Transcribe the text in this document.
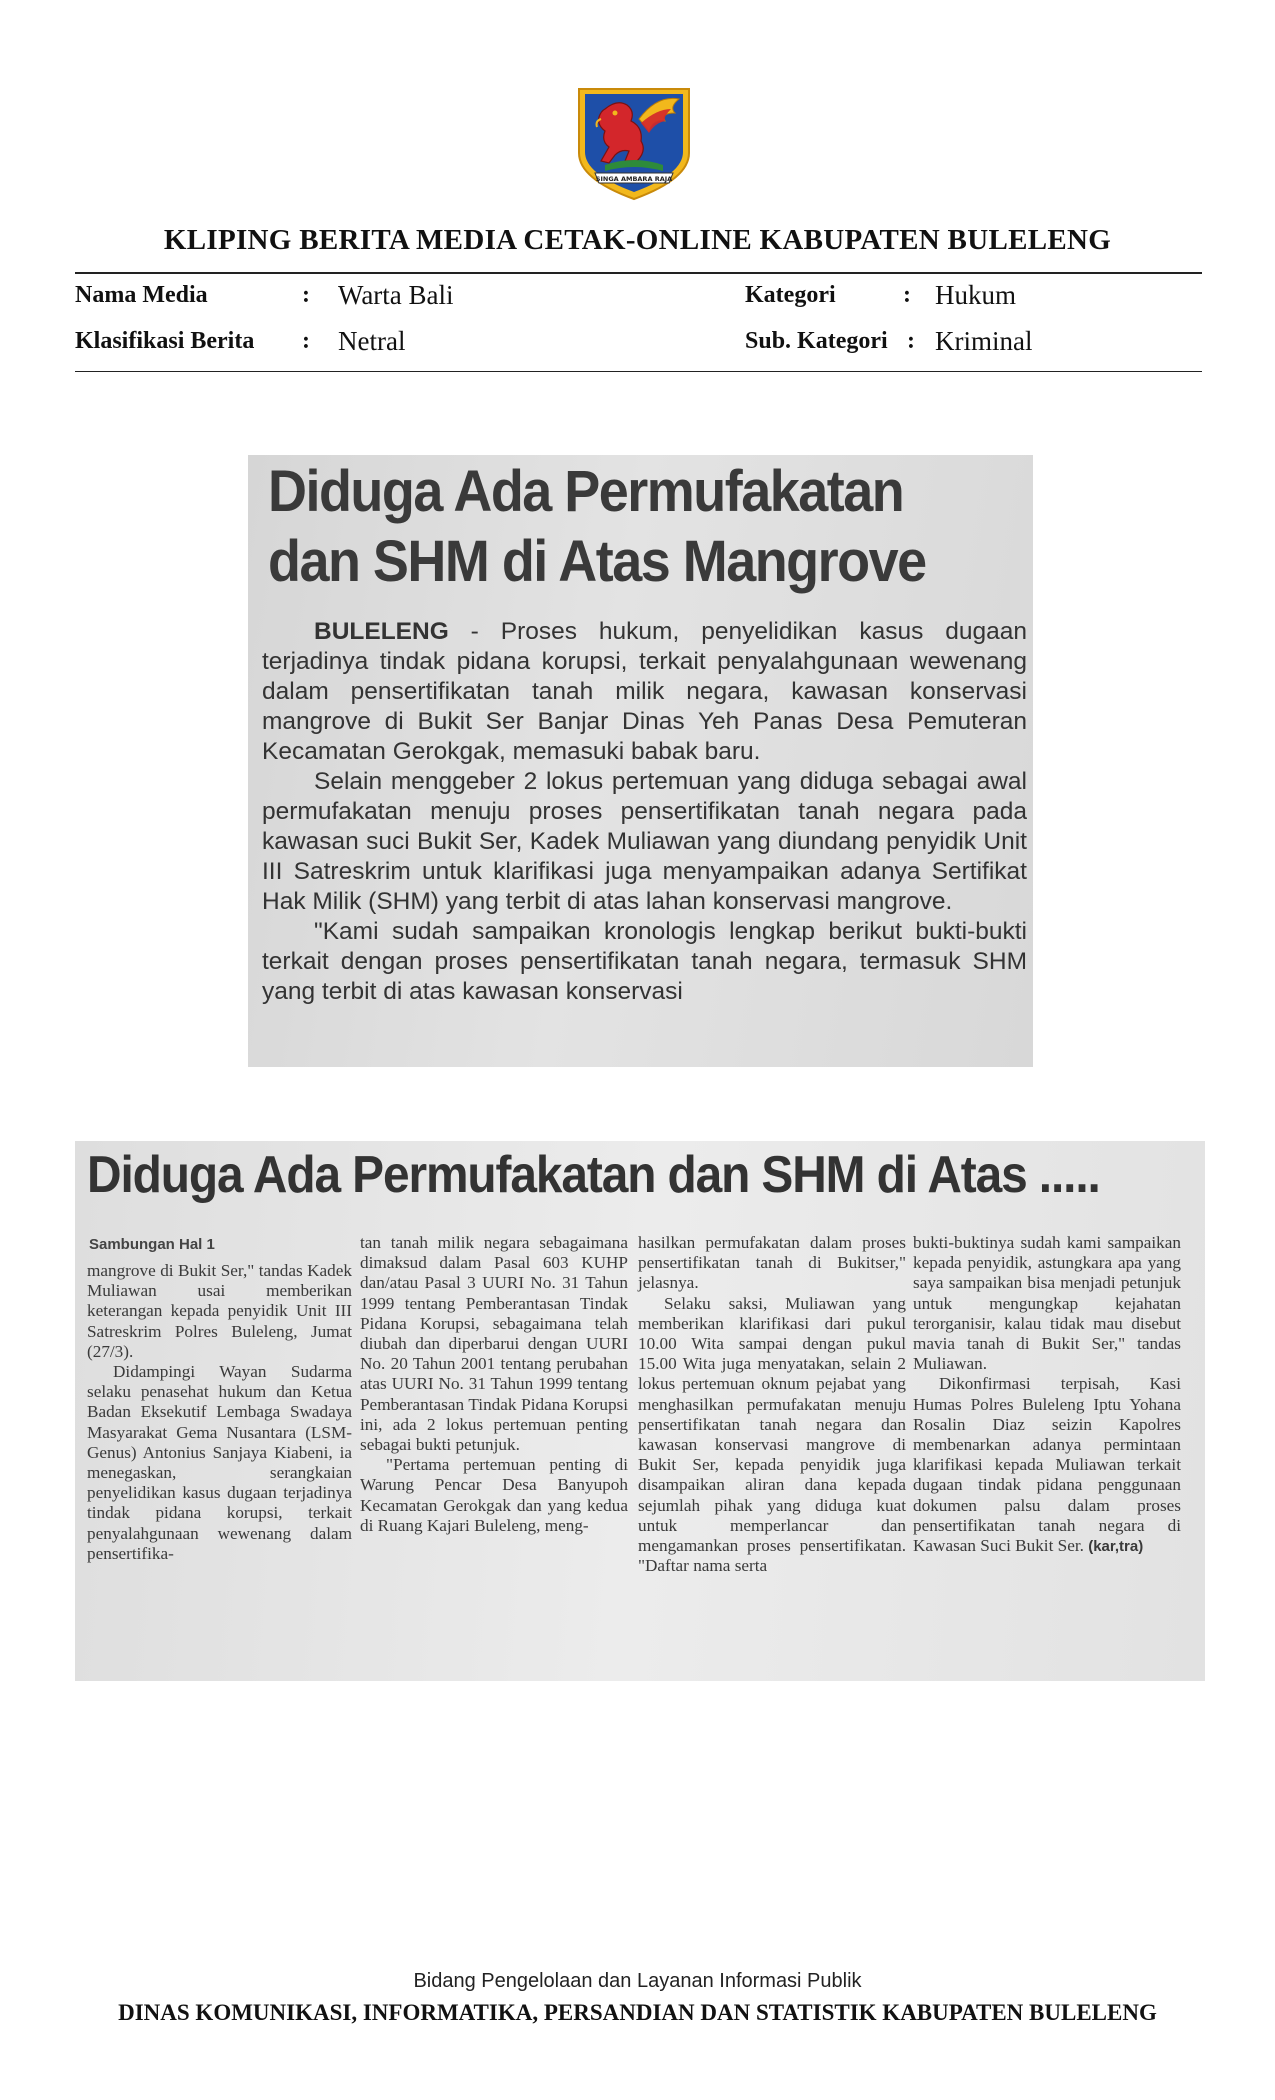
SINGA AMBARA RAJA
KLIPING BERITA MEDIA CETAK-ONLINE KABUPATEN BULELENG
Nama Media	: Warta Bali	Kategori	: Hukum
Klasifikasi Berita : Netral	Sub. Kategori : Kriminal
Diduga Ada Permufakatan
dan SHM di Atas Mangrove

BULELENG - Proses hukum, penyelidikan kasus dugaan terjadinya tindak pidana korupsi, terkait penyalahgunaan wewenang dalam pensertifikatan tanah milik negara, kawasan konservasi mangrove di Bukit Ser Banjar Dinas Yeh Panas Desa Pemuteran Kecamatan Gerokgak, memasuki babak baru.

Selain menggeber 2 lokus pertemuan yang diduga sebagai awal permufakatan menuju proses pensertifikatan tanah negara pada kawasan suci Bukit Ser, Kadek Muliawan yang diundang penyidik Unit III Satreskrim untuk klarifikasi juga menyampaikan adanya Sertifikat Hak Milik (SHM) yang terbit di atas lahan konservasi mangrove.

"Kami sudah sampaikan kronologis lengkap berikut bukti-bukti terkait dengan proses pensertifikatan tanah negara, termasuk SHM yang terbit di atas kawasan konservasi

Diduga Ada Permufakatan dan SHM di Atas .....
Sambungan Hal 1

mangrove di Bukit Ser," tandas Kadek Muliawan usai memberikan keterangan kepada penyidik Unit III Satreskrim Polres Buleleng, Jumat (27/3).

Didampingi Wayan Sudarma selaku penasehat hukum dan Ketua Badan Eksekutif Lembaga Swadaya Masyarakat Gema Nusantara (LSM-Genus) Antonius Sanjaya Kiabeni, ia menegaskan, serangkaian penyelidikan kasus dugaan terjadinya tindak pidana korupsi, terkait penyalahgunaan wewenang dalam pensertifika-

tan tanah milik negara sebagaimana dimaksud dalam Pasal 603 KUHP dan/atau Pasal 3 UURI No. 31 Tahun 1999 tentang Pemberantasan Tindak Pidana Korupsi, sebagaimana telah diubah dan diperbarui dengan UURI No. 20 Tahun 2001 tentang perubahan atas UURI No. 31 Tahun 1999 tentang Pemberantasan Tindak Pidana Korupsi ini, ada 2 lokus pertemuan penting sebagai bukti petunjuk.

"Pertama pertemuan penting di Warung Pencar Desa Banyupoh Kecamatan Gerokgak dan yang kedua di Ruang Kajari Buleleng, meng-

hasilkan permufakatan dalam proses pensertifikatan tanah di Bukitser," jelasnya.

Selaku saksi, Muliawan yang memberikan klarifikasi dari pukul 10.00 Wita sampai dengan pukul 15.00 Wita juga menyatakan, selain 2 lokus pertemuan oknum pejabat yang menghasilkan permufakatan menuju pensertifikatan tanah negara dan kawasan konservasi mangrove di Bukit Ser, kepada penyidik juga disampaikan aliran dana kepada sejumlah pihak yang diduga kuat untuk memperlancar dan mengamankan proses pensertifikatan. "Daftar nama serta

bukti-buktinya sudah kami sampaikan kepada penyidik, astungkara apa yang saya sampaikan bisa menjadi petunjuk untuk mengungkap kejahatan terorganisir, kalau tidak mau disebut mavia tanah di Bukit Ser," tandas Muliawan.

Dikonfirmasi terpisah, Kasi Humas Polres Buleleng Iptu Yohana Rosalin Diaz seizin Kapolres membenarkan adanya permintaan klarifikasi kepada Muliawan terkait dugaan tindak pidana penggunaan dokumen palsu dalam proses pensertifikatan tanah negara di Kawasan Suci Bukit Ser. (kar,tra)

Bidang Pengelolaan dan Layanan Informasi Publik
DINAS KOMUNIKASI, INFORMATIKA, PERSANDIAN DAN STATISTIK KABUPATEN BULELENG
